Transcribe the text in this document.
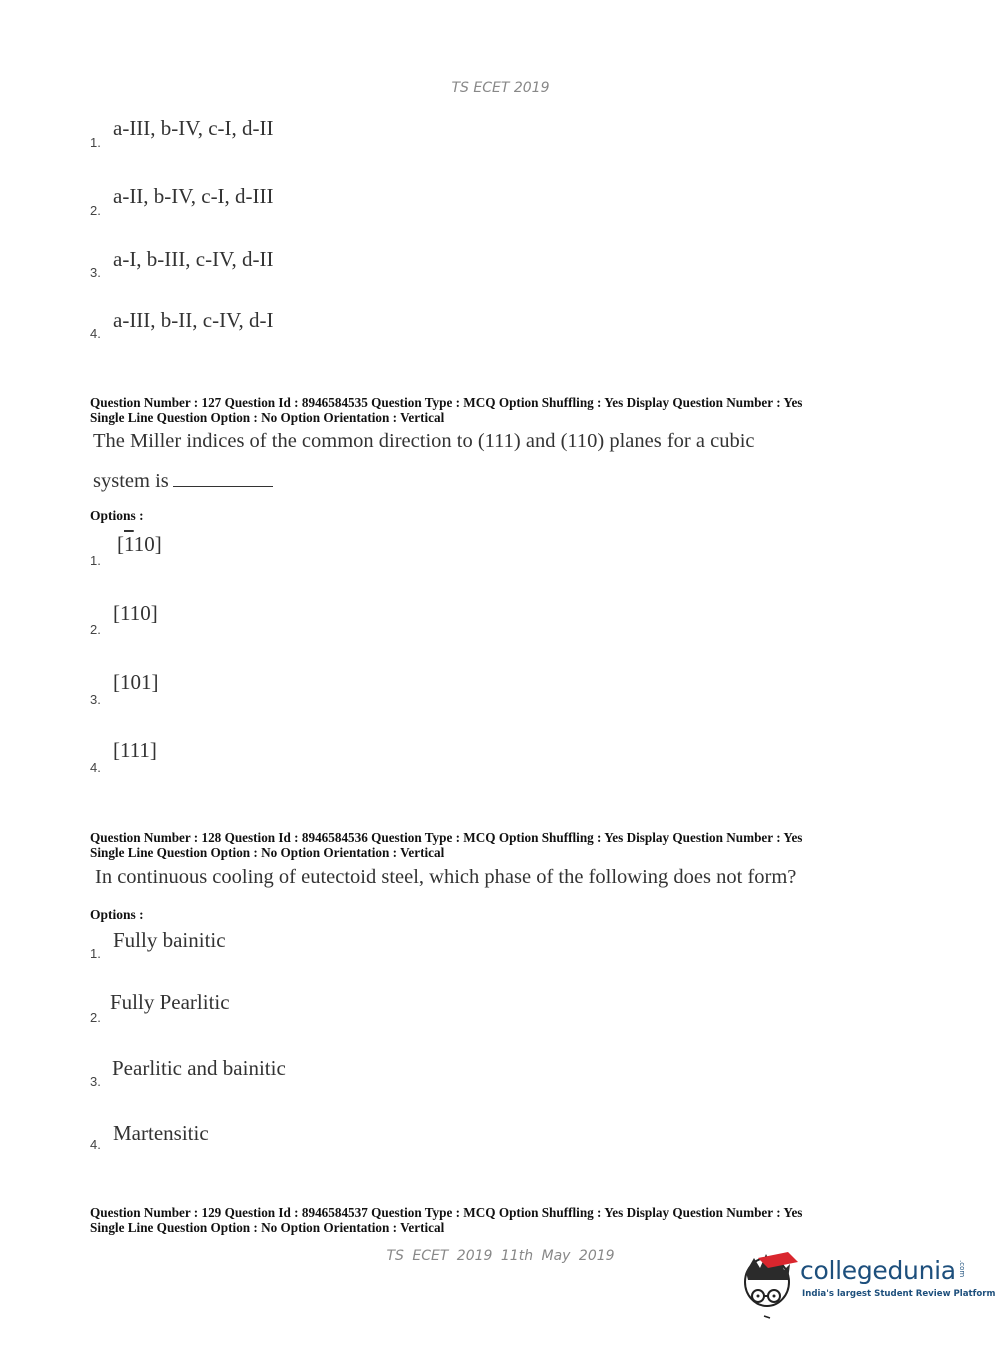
TS ECET 2019
1.
a-III, b-IV, c-I, d-II
2.
a-II, b-IV, c-I, d-III
3.
a-I, b-III, c-IV, d-II
4.
a-III, b-II, c-IV, d-I
Question Number : 127 Question Id : 8946584535 Question Type : MCQ Option Shuffling : Yes Display Question Number : Yes
Single Line Question Option : No Option Orientation : Vertical
The Miller indices of the common direction to (111) and (110) planes for a cubic
system is
Options :
1.
[110]
2.
[110]
3.
[101]
4.
[111]
Question Number : 128 Question Id : 8946584536 Question Type : MCQ Option Shuffling : Yes Display Question Number : Yes
Single Line Question Option : No Option Orientation : Vertical
In continuous cooling of eutectoid steel, which phase of the following does not form?
Options :
1.
Fully bainitic
2.
Fully Pearlitic
3.
Pearlitic and bainitic
4. Martensitic
Question Number : 129 Question Id : 8946584537 Question Type : MCQ Option Shuffling : Yes Display Question Number : Yes
Single Line Question Option : No Option Orientation : Vertical
TS ECET 2019 11th May 2019	collegedunia .com
India's largest Student Review Platform
